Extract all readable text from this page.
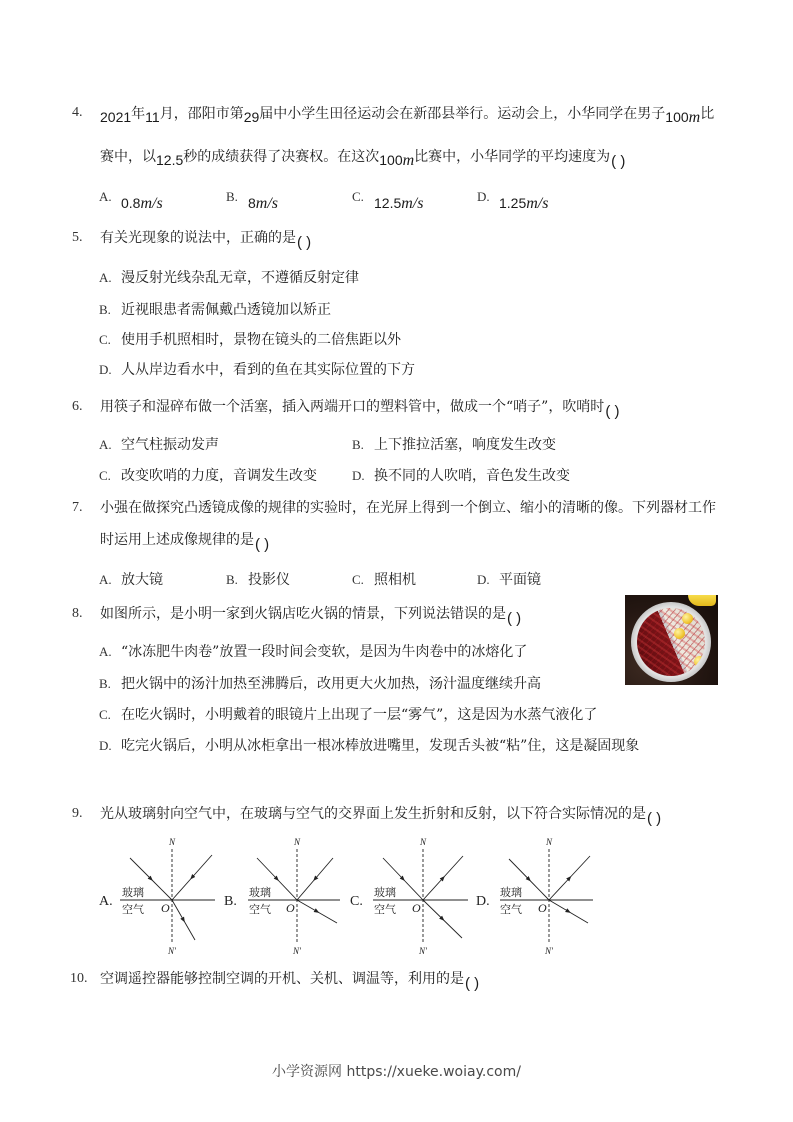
4. 2021年11月，邵阳市第29届中小学生田径运动会在新邵县举行。运动会上，小华同学在男子100m比
赛中，以12.5秒的成绩获得了决赛权。在这次100m比赛中，小华同学的平均速度为( )
A. 0.8m/s	B. 8m/s	C. 12.5m/s	D. 1.25m/s
5. 有关光现象的说法中，正确的是( )
A. 漫反射光线杂乱无章，不遵循反射定律
B. 近视眼患者需佩戴凸透镜加以矫正
C. 使用手机照相时，景物在镜头的二倍焦距以外
D. 人从岸边看水中，看到的鱼在其实际位置的下方
6. 用筷子和湿碎布做一个活塞，插入两端开口的塑料管中，做成一个“哨子”，吹哨时( )
A. 空气柱振动发声	B. 上下推拉活塞，响度发生改变
C. 改变吹哨的力度，音调发生改变	D. 换不同的人吹哨，音色发生改变
7. 小强在做探究凸透镜成像的规律的实验时，在光屏上得到一个倒立、缩小的清晰的像。下列器材工作
时运用上述成像规律的是( )
A. 放大镜	B. 投影仪	C. 照相机	D. 平面镜
8. 如图所示，是小明一家到火锅店吃火锅的情景，下列说法错误的是( )
A. “冰冻肥牛肉卷”放置一段时间会变软，是因为牛肉卷中的冰熔化了
B. 把火锅中的汤汁加热至沸腾后，改用更大火加热，汤汁温度继续升高
C. 在吃火锅时，小明戴着的眼镜片上出现了一层“雾气”，这是因为水蒸气液化了
D. 吃完火锅后，小明从冰柜拿出一根冰棒放进嘴里，发现舌头被“粘”住，这是凝固现象
9. 光从玻璃射向空气中，在玻璃与空气的交界面上发生折射和反射，以下符合实际情况的是( )
A.
玻璃
空气
N
N'
O	B.
玻璃
空气
N
N'
O	C.
玻璃
空气
N
N'
O	D.
玻璃
空气
N
N'
O
10. 空调遥控器能够控制空调的开机、关机、调温等，利用的是( )
小学资源网 https://xueke.woiay.com/
